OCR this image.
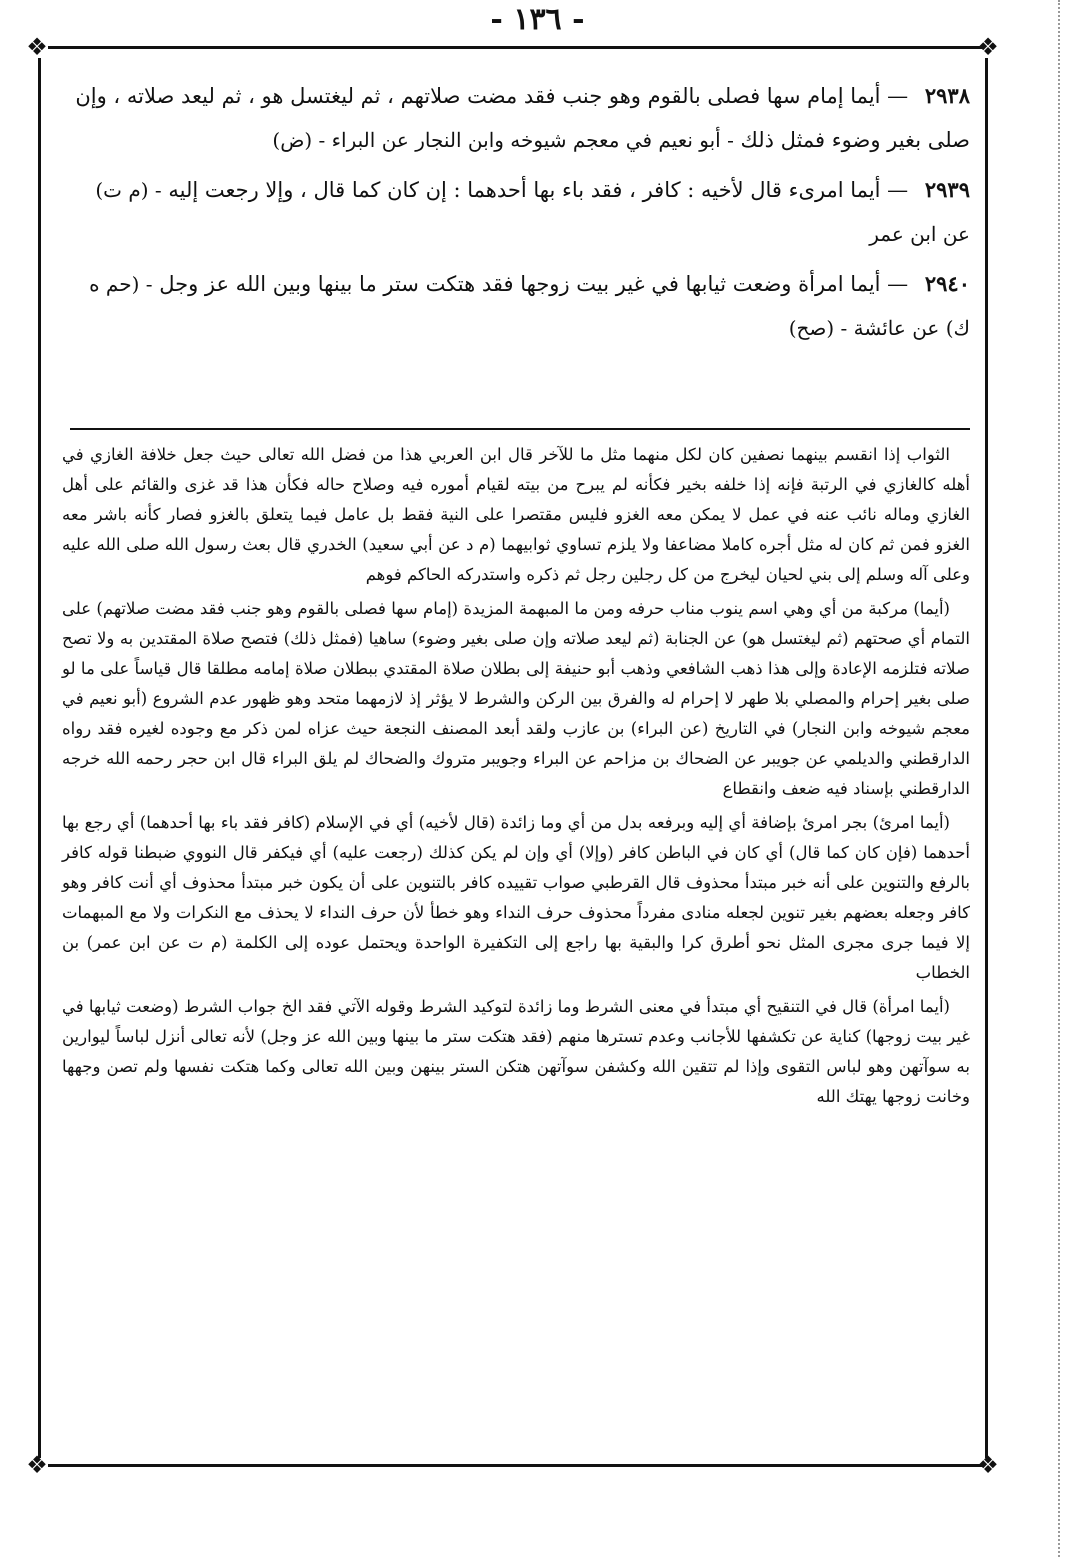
- ١٣٦ -
❖	❖
❖	❖

٢٩٣٨ — أيما إمام سها فصلى بالقوم وهو جنب فقد مضت صلاتهم ، ثم ليغتسل هو ، ثم ليعد صلاته ، وإن صلى بغير وضوء فمثل ذلك - أبو نعيم في معجم شيوخه وابن النجار عن البراء - (ض)

٢٩٣٩ — أيما امرىء قال لأخيه : كافر ، فقد باء بها أحدهما : إن كان كما قال ، وإلا رجعت إليه - (م ت) عن ابن عمر

٢٩٤٠ — أيما امرأة وضعت ثيابها في غير بيت زوجها فقد هتكت ستر ما بينها وبين الله عز وجل - (حم ه ك) عن عائشة - (صح)

الثواب إذا انقسم بينهما نصفين كان لكل منهما مثل ما للآخر قال ابن العربي هذا من فضل الله تعالى حيث جعل خلافة الغازي في أهله كالغازي في الرتبة فإنه إذا خلفه بخير فكأنه لم يبرح من بيته لقيام أموره فيه وصلاح حاله فكأن هذا قد غزى والقائم على أهل الغازي وماله نائب عنه في عمل لا يمكن معه الغزو فليس مقتصرا على النية فقط بل عامل فيما يتعلق بالغزو فصار كأنه باشر معه الغزو فمن ثم كان له مثل أجره كاملا مضاعفا ولا يلزم تساوي ثوابيهما (م د عن أبي سعيد) الخدري قال بعث رسول الله صلى الله عليه وعلى آله وسلم إلى بني لحيان ليخرج من كل رجلين رجل ثم ذكره واستدركه الحاكم فوهم

(أيما) مركبة من أي وهي اسم ينوب مناب حرفه ومن ما المبهمة المزيدة (إمام سها فصلى بالقوم وهو جنب فقد مضت صلاتهم) على التمام أي صحتهم (ثم ليغتسل هو) عن الجنابة (ثم ليعد صلاته وإن صلى بغير وضوء) ساهيا (فمثل ذلك) فتصح صلاة المقتدين به ولا تصح صلاته فتلزمه الإعادة وإلى هذا ذهب الشافعي وذهب أبو حنيفة إلى بطلان صلاة المقتدي ببطلان صلاة إمامه مطلقا قال قياساً على ما لو صلى بغير إحرام والمصلي بلا طهر لا إحرام له والفرق بين الركن والشرط لا يؤثر إذ لازمهما متحد وهو ظهور عدم الشروع (أبو نعيم في معجم شيوخه وابن النجار) في التاريخ (عن البراء) بن عازب ولقد أبعد المصنف النجعة حيث عزاه لمن ذكر مع وجوده لغيره فقد رواه الدارقطني والديلمي عن جويبر عن الضحاك بن مزاحم عن البراء وجويبر متروك والضحاك لم يلق البراء قال ابن حجر رحمه الله خرجه الدارقطني بإسناد فيه ضعف وانقطاع

(أيما امرئ) بجر امرئ بإضافة أي إليه وبرفعه بدل من أي وما زائدة (قال لأخيه) أي في الإسلام (كافر فقد باء بها أحدهما) أي رجع بها أحدهما (فإن كان كما قال) أي كان في الباطن كافر (وإلا) أي وإن لم يكن كذلك (رجعت عليه) أي فيكفر قال النووي ضبطنا قوله كافر بالرفع والتنوين على أنه خبر مبتدأ محذوف قال القرطبي صواب تقييده كافر بالتنوين على أن يكون خبر مبتدأ محذوف أي أنت كافر وهو كافر وجعله بعضهم بغير تنوين لجعله منادى مفرداً محذوف حرف النداء وهو خطأ لأن حرف النداء لا يحذف مع النكرات ولا مع المبهمات إلا فيما جرى مجرى المثل نحو أطرق كرا والبقية بها راجع إلى التكفيرة الواحدة ويحتمل عوده إلى الكلمة (م ت عن ابن عمر) بن الخطاب

(أيما امرأة) قال في التنقيح أي مبتدأ في معنى الشرط وما زائدة لتوكيد الشرط وقوله الآتي فقد الخ جواب الشرط (وضعت ثيابها في غير بيت زوجها) كناية عن تكشفها للأجانب وعدم تسترها منهم (فقد هتكت ستر ما بينها وبين الله عز وجل) لأنه تعالى أنزل لباساً ليوارين به سوآتهن وهو لباس التقوى وإذا لم تتقين الله وكشفن سوآتهن هتكن الستر بينهن وبين الله تعالى وكما هتكت نفسها ولم تصن وجهها وخانت زوجها يهتك الله
